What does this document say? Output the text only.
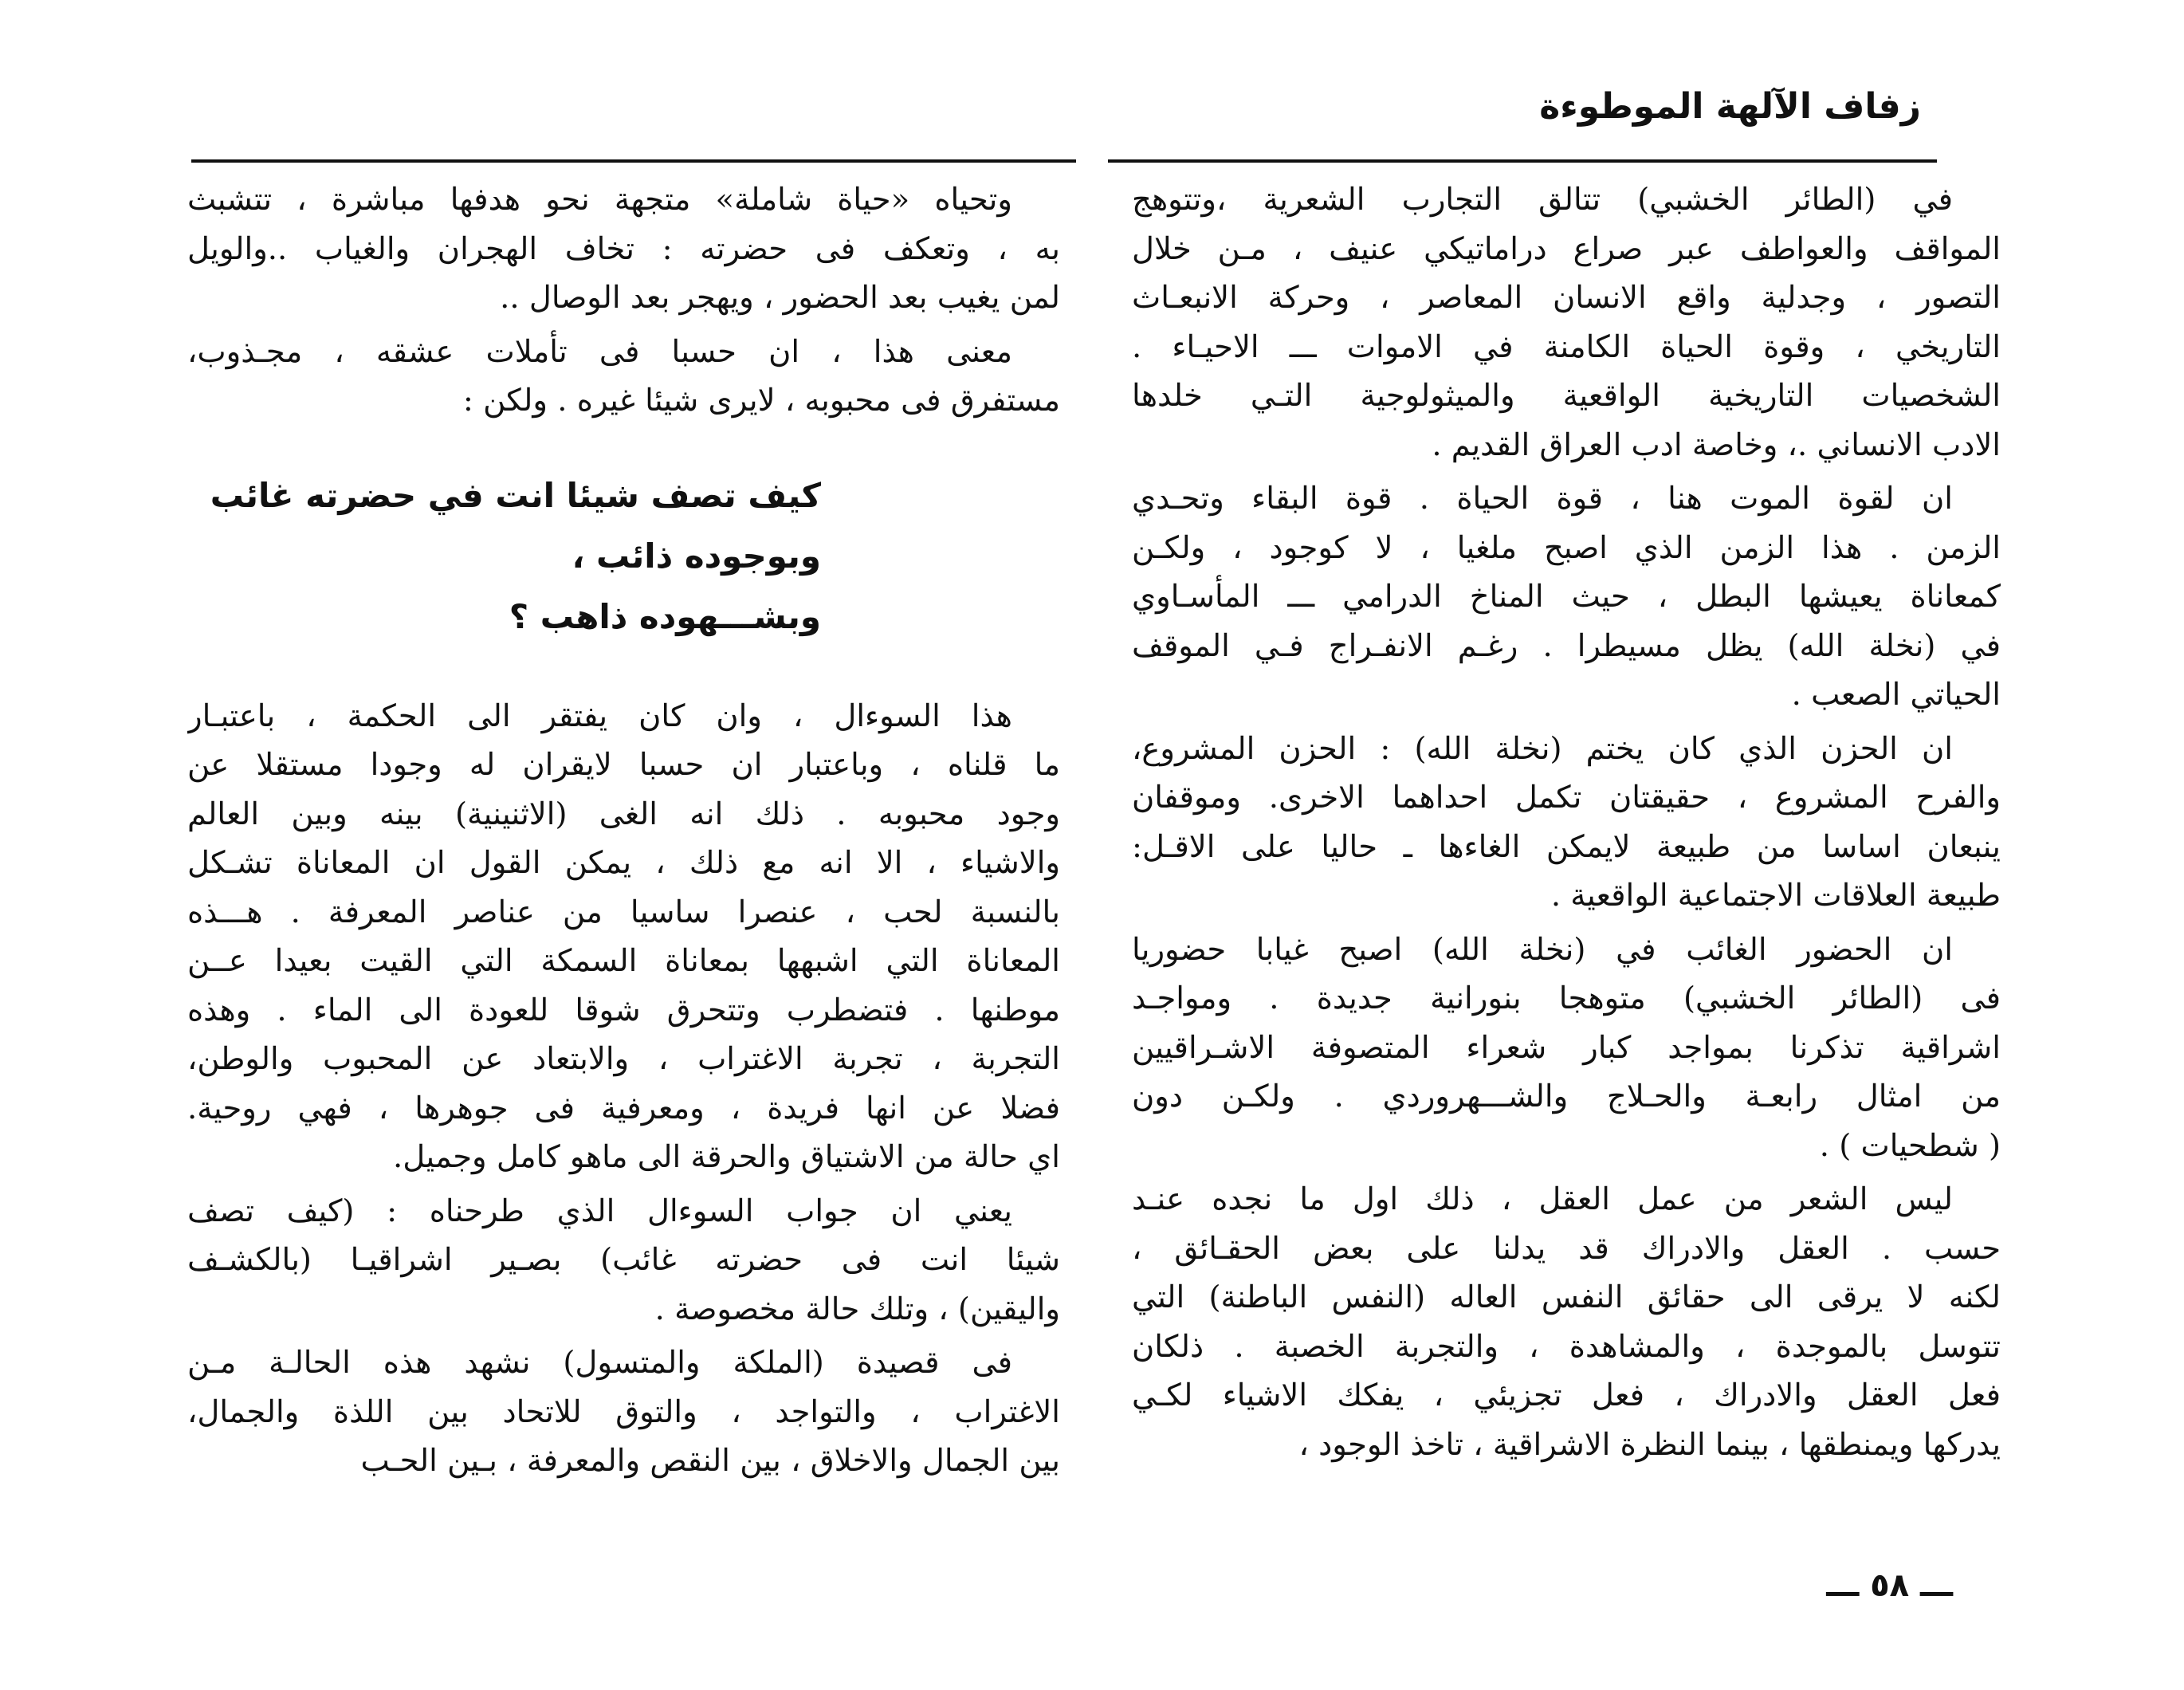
زفاف الآلهة الموطوءة
في (الطائر الخشبي) تتالق التجارب الشعرية ،وتتوهج
المواقف والعواطف عبر صراع دراماتيكي عنيف ، مـن خلال
التصور ، وجدلية واقع الانسان المعاصر ، وحركة الانبعـاث
التاريخي ، وقوة الحياة الكامنة في الاموات ـــ الاحيـاء .
الشخصيات التاريخية الواقعية والميثولوجية التـي خلدها
الادب الانساني .، وخاصة ادب العراق القديم .
ان لقوة الموت هنا ، قوة الحياة . قوة البقاء وتحـدي
الزمن . هذا الزمن الذي اصبح ملغيا ، لا كوجود ، ولكـن
كمعاناة يعيشها البطل ، حيث المناخ الدرامي ـــ المأسـاوي
في (نخلة الله) يظل مسيطرا . رغـم الانفـراج فـي الموقف
الحياتي الصعب .
ان الحزن الذي كان يختم (نخلة الله) : الحزن المشروع،
والفرح المشروع ، حقيقتان تكمل احداهما الاخرى. وموقفان
ينبعان اساسا من طبيعة لايمكن الغاءها ـ حاليا على الاقـل:
طبيعة العلاقات الاجتماعية الواقعية .
ان الحضور الغائب في (نخلة الله) اصبح غيابا حضوريا
فى (الطائر الخشبي) متوهجا بنورانية جديدة . ومواجـد
اشراقية تذكرنا بمواجد كبار شعراء المتصوفة الاشـراقيين
من امثال رابعـة والحـلاج والشـــهروردي . ولكـن دون
( شطحيات ) .
ليس الشعر من عمل العقل ، ذلك اول ما نجده عنـد
حسب . العقل والادراك قد يدلنا على بعض الحقـائق ،
لكنه لا يرقى الى حقائق النفس العاله (النفس الباطنة) التي
تتوسل بالموجدة ، والمشاهدة ، والتجربة الخصبة . ذلكان
فعل العقل والادراك ، فعل تجزيئي ، يفكك الاشياء لكـي
يدركها ويمنطقها ، بينما النظرة الاشراقية ، تاخذ الوجود ،
وتحياه «حياة شاملة» متجهة نحو هدفها مباشرة ، تتشبث
به ، وتعكف فى حضرته : تخاف الهجران والغياب ..والويل
لمن يغيب بعد الحضور ، ويهجر بعد الوصال ..
معنى هذا ، ان حسبا فى تأملات عشقه ، مجـذوب،
مستفرق فى محبوبه ، لايرى شيئا غيره . ولكن :
كيف تصف شيئا انت في حضرته غائب
وبوجوده ذائب ،
وبشـــهوده ذاهب ؟
هذا السوءال ، وان كان يفتقر الى الحكمة ، باعتبـار
ما قلناه ، وباعتبار ان حسبا لايقران له وجودا مستقلا عن
وجود محبوبه . ذلك انه الغى (الاثنينية) بينه وبين العالم
والاشياء ، الا انه مع ذلك ، يمكن القول ان المعاناة تشـكل
بالنسبة لحب ، عنصرا ساسيا من عناصر المعرفة . هـــذه
المعاناة التي اشبهها بمعاناة السمكة التي القيت بعيدا عــن
موطنها . فتضطرب وتتحرق شوقا للعودة الى الماء . وهذه
التجربة ، تجربة الاغتراب ، والابتعاد عن المحبوب والوطن،
فضلا عن انها فريدة ، ومعرفية فى جوهرها ، فهي روحية.
اي حالة من الاشتياق والحرقة الى ماهو كامل وجميل.
يعني ان جواب السوءال الذي طرحناه : (كيف تصف
شيئا انت فى حضرته غائب) بصـير اشراقيـا (بالكشـف
واليقين) ، وتلك حالة مخصوصة .
فى قصيدة (الملكة والمتسول) نشهد هذه الحالـة مـن
الاغتراب ، والتواجد ، والتوق للاتحاد بين اللذة والجمال،
بين الجمال والاخلاق ، بين النقص والمعرفة ، بـين الحـب
ـــ ٥٨ ـــ
